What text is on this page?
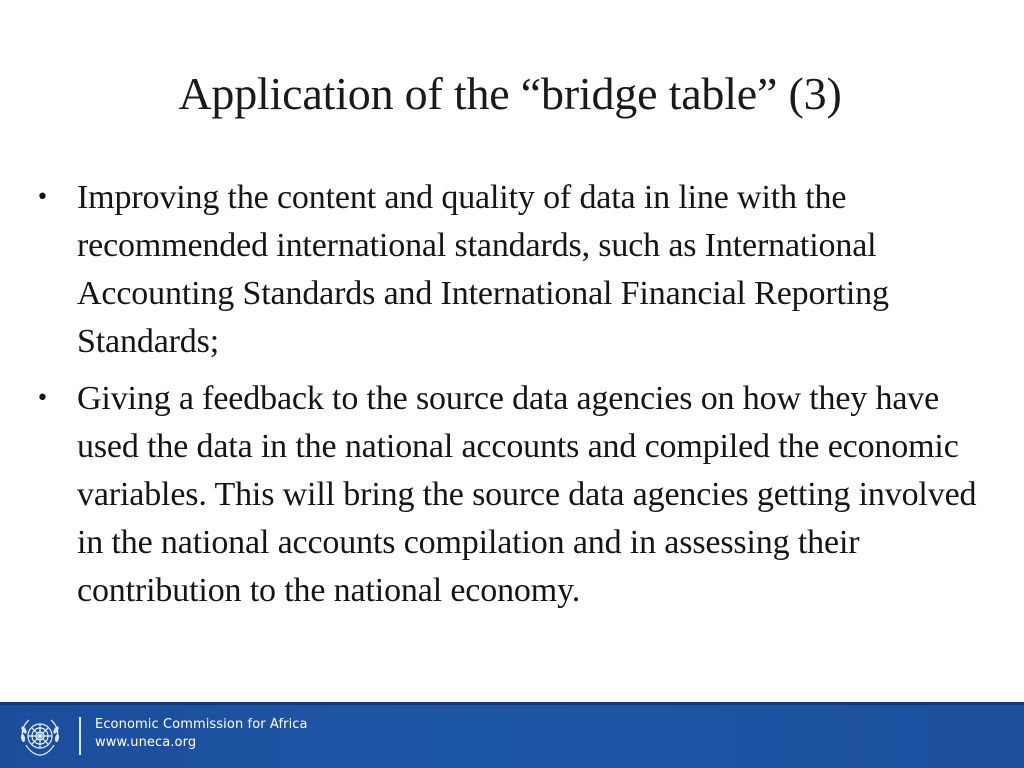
Application of the “bridge table” (3)
• Improving the content and quality of data in line with the recommended international standards, such as International Accounting Standards and International Financial Reporting Standards;
• Giving a feedback to the source data agencies on how they have used the data in the national accounts and compiled the economic variables. This will bring the source data agencies getting involved in the national accounts compilation and in assessing their contribution to the national economy.
Economic Commission for Africa
www.uneca.org
